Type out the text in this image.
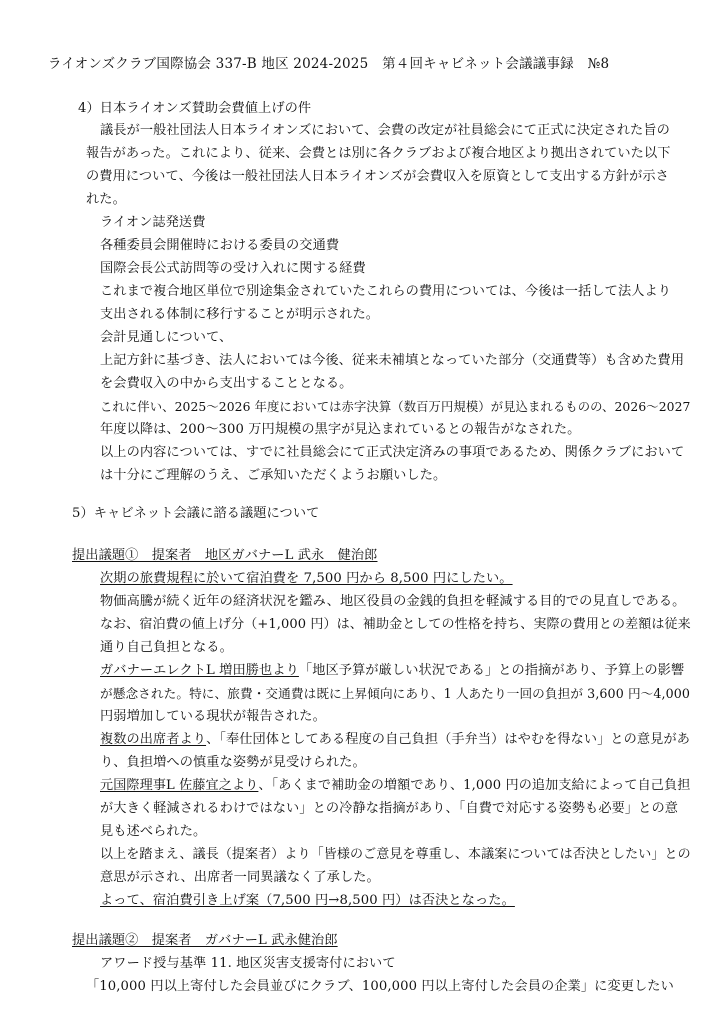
ライオンズクラブ国際協会 337-B 地区 2024-2025　第４回キャビネット会議議事録　№8
4）日本ライオンズ賛助会費値上げの件
議長が一般社団法人日本ライオンズにおいて、会費の改定が社員総会にて正式に決定された旨の
報告があった。これにより、従来、会費とは別に各クラブおよび複合地区より拠出されていた以下
の費用について、今後は一般社団法人日本ライオンズが会費収入を原資として支出する方針が示さ
れた。
ライオン誌発送費
各種委員会開催時における委員の交通費
国際会長公式訪問等の受け入れに関する経費
これまで複合地区単位で別途集金されていたこれらの費用については、今後は一括して法人より
支出される体制に移行することが明示された。
会計見通しについて、
上記方針に基づき、法人においては今後、従来未補填となっていた部分（交通費等）も含めた費用
を会費収入の中から支出することとなる。
これに伴い、2025～2026 年度においては赤字決算（数百万円規模）が見込まれるものの、2026～2027
年度以降は、200～300 万円規模の黒字が見込まれているとの報告がなされた。
以上の内容については、すでに社員総会にて正式決定済みの事項であるため、関係クラブにおいて
は十分にご理解のうえ、ご承知いただくようお願いした。
5）キャビネット会議に諮る議題について
提出議題①　提案者　地区ガバナーL 武永　健治郎
次期の旅費規程に於いて宿泊費を 7,500 円から 8,500 円にしたい。
物価高騰が続く近年の経済状況を鑑み、地区役員の金銭的負担を軽減する目的での見直しである。
なお、宿泊費の値上げ分（+1,000 円）は、補助金としての性格を持ち、実際の費用との差額は従来
通り自己負担となる。
ガバナーエレクトL 増田勝也より「地区予算が厳しい状況である」との指摘があり、予算上の影響
が懸念された。特に、旅費・交通費は既に上昇傾向にあり、1 人あたり一回の負担が 3,600 円～4,000
円弱増加している現状が報告された。
複数の出席者より、「奉仕団体としてある程度の自己負担（手弁当）はやむを得ない」との意見があ
り、負担増への慎重な姿勢が見受けられた。
元国際理事L 佐藤宜之より、「あくまで補助金の増額であり、1,000 円の追加支給によって自己負担
が大きく軽減されるわけではない」との冷静な指摘があり、「自費で対応する姿勢も必要」との意
見も述べられた。
以上を踏まえ、議長（提案者）より「皆様のご意見を尊重し、本議案については否決としたい」との
意思が示され、出席者一同異議なく了承した。
よって、宿泊費引き上げ案（7,500 円→8,500 円）は否決となった。
提出議題②　提案者　ガバナーL 武永健治郎
アワード授与基準 11. 地区災害支援寄付において
「10,000 円以上寄付した会員並びにクラブ、100,000 円以上寄付した会員の企業」に変更したい
